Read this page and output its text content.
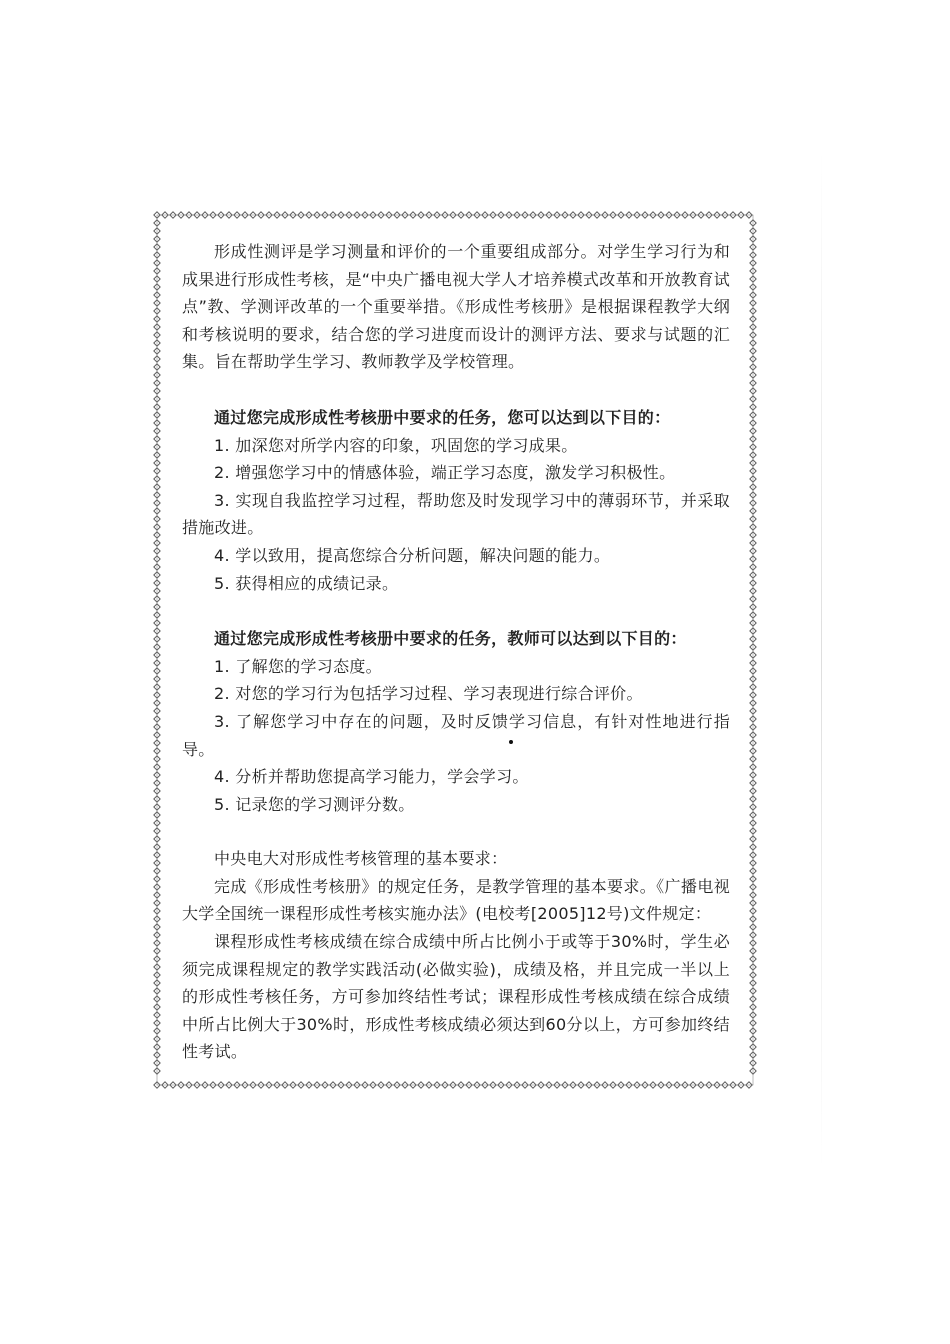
形成性测评是学习测量和评价的一个重要组成部分。对学生学习行为和成果进行形成性考核，是“中央广播电视大学人才培养模式改革和开放教育试点”教、学测评改革的一个重要举措。《形成性考核册》是根据课程教学大纲和考核说明的要求，结合您的学习进度而设计的测评方法、要求与试题的汇集。旨在帮助学生学习、教师教学及学校管理。

通过您完成形成性考核册中要求的任务，您可以达到以下目的：

1. 加深您对所学内容的印象，巩固您的学习成果。

2. 增强您学习中的情感体验，端正学习态度，激发学习积极性。

3. 实现自我监控学习过程，帮助您及时发现学习中的薄弱环节，并采取措施改进。

4. 学以致用，提高您综合分析问题，解决问题的能力。

5. 获得相应的成绩记录。

通过您完成形成性考核册中要求的任务，教师可以达到以下目的：

1. 了解您的学习态度。

2. 对您的学习行为包括学习过程、学习表现进行综合评价。

3. 了解您学习中存在的问题，及时反馈学习信息，有针对性地进行指导。

4. 分析并帮助您提高学习能力，学会学习。

5. 记录您的学习测评分数。

中央电大对形成性考核管理的基本要求：

完成《形成性考核册》的规定任务，是教学管理的基本要求。《广播电视大学全国统一课程形成性考核实施办法》(电校考[2005]12号)文件规定：

课程形成性考核成绩在综合成绩中所占比例小于或等于30%时，学生必须完成课程规定的教学实践活动(必做实验)，成绩及格，并且完成一半以上的形成性考核任务，方可参加终结性考试；课程形成性考核成绩在综合成绩中所占比例大于30%时，形成性考核成绩必须达到60分以上，方可参加终结性考试。
